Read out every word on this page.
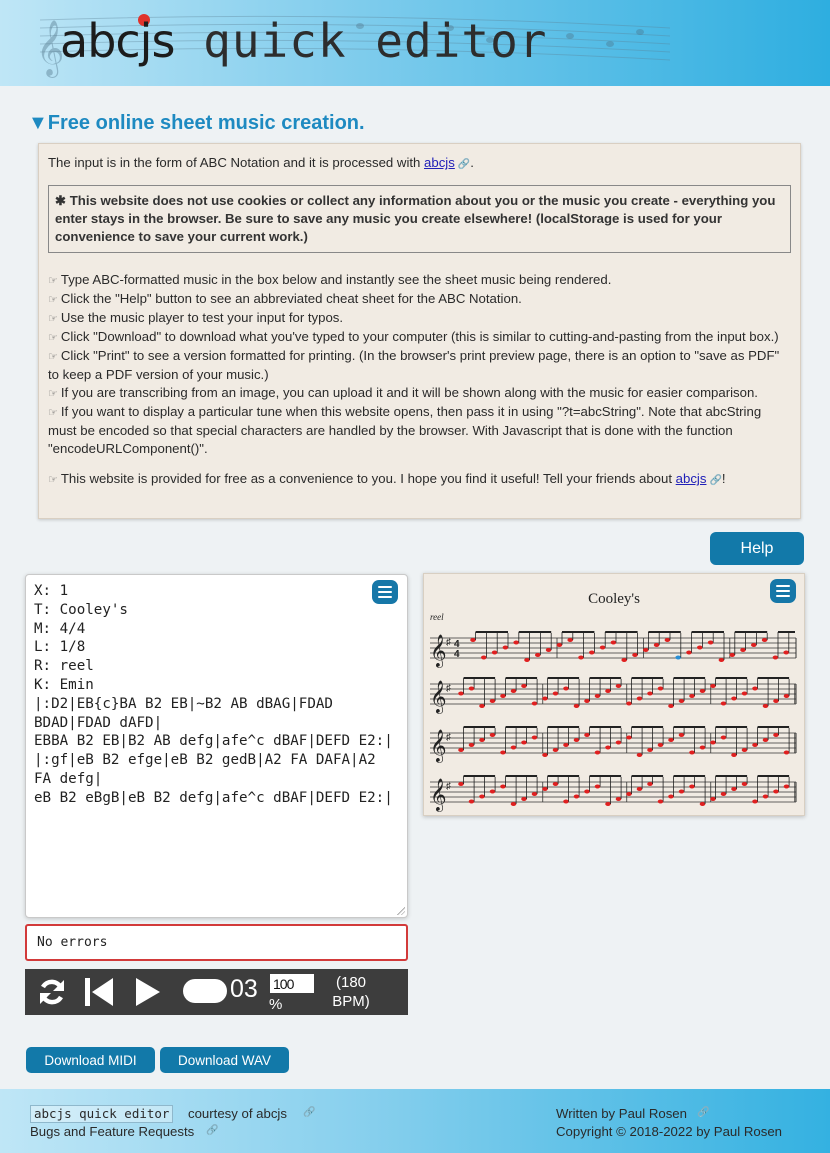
𝄞
abcjs quick editor
▼Free online sheet music creation.

The input is in the form of ABC Notation and it is processed with abcjs 🔗.

✱ This website does not use cookies or collect any information about you or the music you create - everything you enter stays in the browser. Be sure to save any music you create elsewhere! (localStorage is used for your convenience to save your current work.)

☞ Type ABC-formatted music in the box below and instantly see the sheet music being rendered.

☞ Click the "Help" button to see an abbreviated cheat sheet for the ABC Notation.

☞ Use the music player to test your input for typos.

☞ Click "Download" to download what you've typed to your computer (this is similar to cutting-and-pasting from the input box.)

☞ Click "Print" to see a version formatted for printing. (In the browser's print preview page, there is an option to "save as PDF" to keep a PDF version of your music.)

☞ If you are transcribing from an image, you can upload it and it will be shown along with the music for easier comparison.

☞ If you want to display a particular tune when this website opens, then pass it in using "?t=abcString". Note that abcString must be encoded so that special characters are handled by the browser. With Javascript that is done with the function "encodeURLComponent()".

☞ This website is provided for free as a convenience to you. I hope you find it useful! Tell your friends about abcjs 🔗!

Help
X: 1 T: Cooley's M: 4/4 L: 1/8 R: reel K: Emin |:D2|EB{c}BA B2 EB|~B2 AB dBAG|FDAD BDAD|FDAD dAFD| EBBA B2 EB|B2 AB defg|afe^c dBAF|DEFD E2:| |:gf|eB B2 efge|eB B2 gedB|A2 FA DAFA|A2 FA defg| eB B2 eBgB|eB B2 defg|afe^c dBAF|DEFD E2:|
No errors
03
100
%
(180 BPM)
Download MIDI	Download WAV
Cooley's
reel
𝄞 ♯ 4
4
𝄞 ♯
𝄞 ♯
𝄞 ♯
abcjs quick editor	courtesy of abcjs 🔗
Bugs and Feature Requests 🔗
Written by Paul Rosen 🔗
Copyright © 2018-2022 by Paul Rosen
